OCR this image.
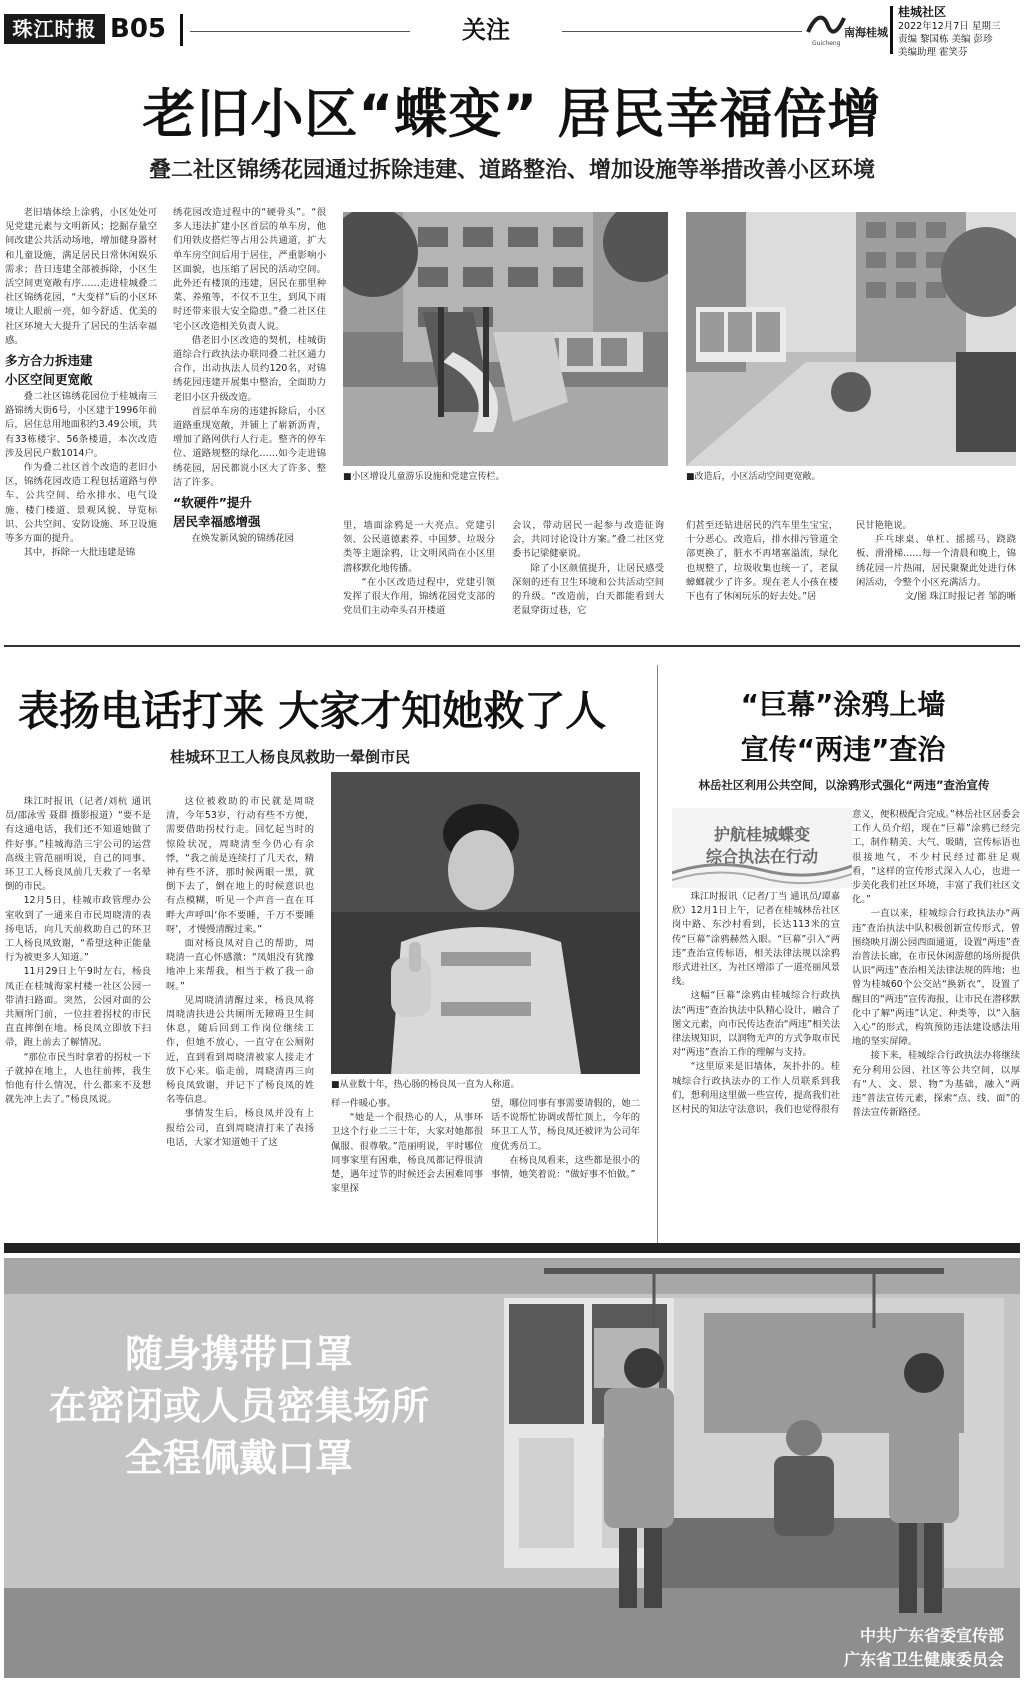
珠江时报 B05	关注	南海桂城
Guicheng
桂城社区
2022年12月7日 星期三
责编 黎国栋 美编 彭珍
美编助理 霍笑芬
老旧小区“蝶变” 居民幸福倍增
叠二社区锦绣花园通过拆除违建、道路整治、增加设施等举措改善小区环境

老旧墙体绘上涂鸦，小区处处可见党建元素与文明新风；挖掘存量空间改建公共活动场地，增加健身器材和儿童设施，满足居民日常休闲娱乐需求；昔日违建全部被拆除，小区生活空间更宽敞有序……走进桂城叠二社区锦绣花园，“大变样”后的小区环境让人眼前一亮，如今舒适、优美的社区环境大大提升了居民的生活幸福感。

多方合力拆违建
小区空间更宽敞

叠二社区锦绣花园位于桂城南三路锦绣大街6号，小区建于1996年前后，居住总用地面积约3.49公顷，共有33栋楼宇、56条楼道，本次改造涉及居民户数1014户。

作为叠二社区首个改造的老旧小区，锦绣花园改造工程包括道路与停车、公共空间、给水排水、电气设施、楼门楼道、景观风貌、导览标识、公共空间、安防设施、环卫设施等多方面的提升。

其中，拆除一大批违建是锦

绣花园改造过程中的“硬骨头”。“很多人违法扩建小区首层的单车房，他们用铁皮搭烂等占用公共通道，扩大单车房空间后用于居住，严重影响小区面貌，也压缩了居民的活动空间。此外还有楼顶的违建，居民在那里种菜、养殖等，不仅不卫生，到风下雨时还带来很大安全隐患。”叠二社区住宅小区改造相关负责人说。

借老旧小区改造的契机，桂城街道综合行政执法办联同叠二社区通力合作，出动执法人员约120名，对锦绣花园违建开展集中整治，全面助力老旧小区升级改造。

首层单车房的违建拆除后，小区道路重现宽敞，并铺上了崭新沥青，增加了路网供行人行走。整齐的停车位、道路规整的绿化……如今走进锦绣花园，居民都说小区大了许多、整洁了许多。

“软硬件”提升
居民幸福感增强

在焕发新风貌的锦绣花园

■小区增设儿童游乐设施和党建宣传栏。	■改造后，小区活动空间更宽敞。

里，墙面涂鸦是一大亮点。党建引领、公民道德素养、中国梦、垃圾分类等主题涂鸦，让文明风尚在小区里潜移默化地传播。

“在小区改造过程中，党建引领发挥了很大作用，锦绣花园党支部的党员们主动牵头召开楼道

会议，带动居民一起参与改造征询会，共同讨论设计方案。”叠二社区党委书记梁健豪说。

除了小区颜值提升，让居民感受深刻的还有卫生环境和公共活动空间的升级。“改造前，白天都能看到大老鼠穿街过巷，它

们甚至还钻进居民的汽车里生宝宝，十分恶心。改造后，排水排污管道全部更换了，脏水不再堵塞溢流，绿化也规整了，垃圾收集也统一了，老鼠蟑螂就少了许多。现在老人小孩在楼下也有了休闲玩乐的好去处。”居

民甘艳艳说。

乒乓球桌、单杠、摇摇马、跷跷板、滑滑梯……每一个清晨和晚上，锦绣花园一片热闹，居民聚聚此处进行休闲活动，令整个小区充满活力。

文/图 珠江时报记者 邹韵晰
表扬电话打来 大家才知她救了人
桂城环卫工人杨良凤救助一晕倒市民

珠江时报讯（记者/刘杭 通讯员/邵泳雪 聂群 摄影报道）“要不是有这通电话，我们还不知道她做了件好事。”桂城海浩三宇公司的运营高级主管范丽明说，自己的同事、环卫工人杨良凤前几天救了一名晕倒的市民。

12月5日，桂城市政管理办公室收到了一通来自市民周晓清的表扬电话，向几天前救助自己的环卫工人杨良凤致谢，“希望这种正能量行为被更多人知道。”

11月29日上午9时左右，杨良凤正在桂城海家村楼一社区公园一带清扫路面。突然，公园对面的公共厕所门前，一位拄着拐杖的市民直直摔倒在地。杨良凤立即放下扫帚，跑上前去了解情况。

“那位市民当时拿着的拐杖一下子就掉在地上，人也往前摔，我生怕他有什么情况，什么都来不及想就先冲上去了。”杨良凤说。

这位被救助的市民就是周晓清，今年53岁，行动有些不方便，需要借助拐杖行走。回忆起当时的惊险状况，周晓清至今仍心有余悸，“我之前是连续打了几天衣，精神有些不济，那时候两眼一黑，就倒下去了，倒在地上的时候意识也有点模糊，听见一个声音一直在耳畔大声呼叫‘你不要睡，千万不要睡呀’，才慢慢清醒过来。”

面对杨良凤对自己的帮助，周晓清一直心怀感激：“凤姐没有犹豫地冲上来帮我，相当于救了我一命呀。”

见周晓清清醒过来，杨良凤将周晓清扶进公共厕所无障碍卫生间休息，随后回到工作岗位继续工作，但她不放心，一直守在公厕附近，直到看到周晓清被家人接走才放下心来。临走前，周晓清再三向杨良凤致谢，并记下了杨良凤的姓名等信息。

事情发生后，杨良凤并没有上报给公司，直到周晓清打来了表扬电话，大家才知道她干了这

■从业数十年，热心肠的杨良凤一直为人称道。

样一件暖心事。

“她是一个很热心的人，从事环卫这个行业二三十年，大家对她都很佩服、很尊敬。”范丽明说，平时哪位同事家里有困难，杨良凤都记得很清楚，遇年过节的时候还会去困难同事家里探

望，哪位同事有事需要请假的，她二话不说帮忙协调或帮忙顶上，今年的环卫工人节，杨良凤还被评为公司年度优秀员工。

在杨良凤看来，这些都是很小的事情，她笑着说：“做好事不怕做。”

“巨幕”涂鸦上墙
宣传“两违”查治
林岳社区利用公共空间，以涂鸦形式强化“两违”查治宣传
护航桂城蝶变
综合执法在行动

珠江时报讯（记者/丁当 通讯员/谭嘉欣）12月1日上午，记者在桂城林岳社区岗中路、东沙村看到，长达113米的宣传“巨幕”涂鸦赫然入眼。“巨幕”引入“两违”查治宣传标语，相关法律法规以涂鸦形式进社区，为社区增添了一道亮丽风景线。

这幅“巨幕”涂鸦由桂城综合行政执法“两违”查治执法中队精心设计，融合了图文元素，向市民传达查治“两违”相关法律法规知识，以润物无声的方式争取市民对“两违”查治工作的理解与支持。

“这里原来是旧墙体，灰扑扑的。桂城综合行政执法办的工作人员联系到我们，想利用这里做一些宣传，提高我们社区村民的知法守法意识，我们也觉得很有

意义，便积极配合完成。”林岳社区居委会工作人员介绍，现在“巨幕”涂鸦已经完工，制作精美、大气、吸睛，宣传标语也很接地气，不少村民经过都驻足观看，“这样的宣传形式深入人心，也进一步美化我们社区环境，丰富了我们社区文化。”

一直以来，桂城综合行政执法办“两违”查治执法中队积极创新宣传形式，曾围绕映月湖公园西面通道，设置“两违”查治普法长廊，在市民休闲游憩的场所提供认识“两违”查治相关法律法规的阵地；也曾为桂城60个公交站“换新衣”，设置了醒目的“两违”宣传海报，让市民在潜移默化中了解“两违”认定、种类等，以“入脑入心”的形式，构筑预防违法建设感法用地的坚实屏障。

接下来，桂城综合行政执法办将继续充分利用公园、社区等公共空间，以厚有“人、文、景、物”为基础，融入“两违”普法宣传元素，探索“点、线、面”的普法宣传新路径。

随身携带口罩
在密闭或人员密集场所
全程佩戴口罩
中共广东省委宣传部
广东省卫生健康委员会
